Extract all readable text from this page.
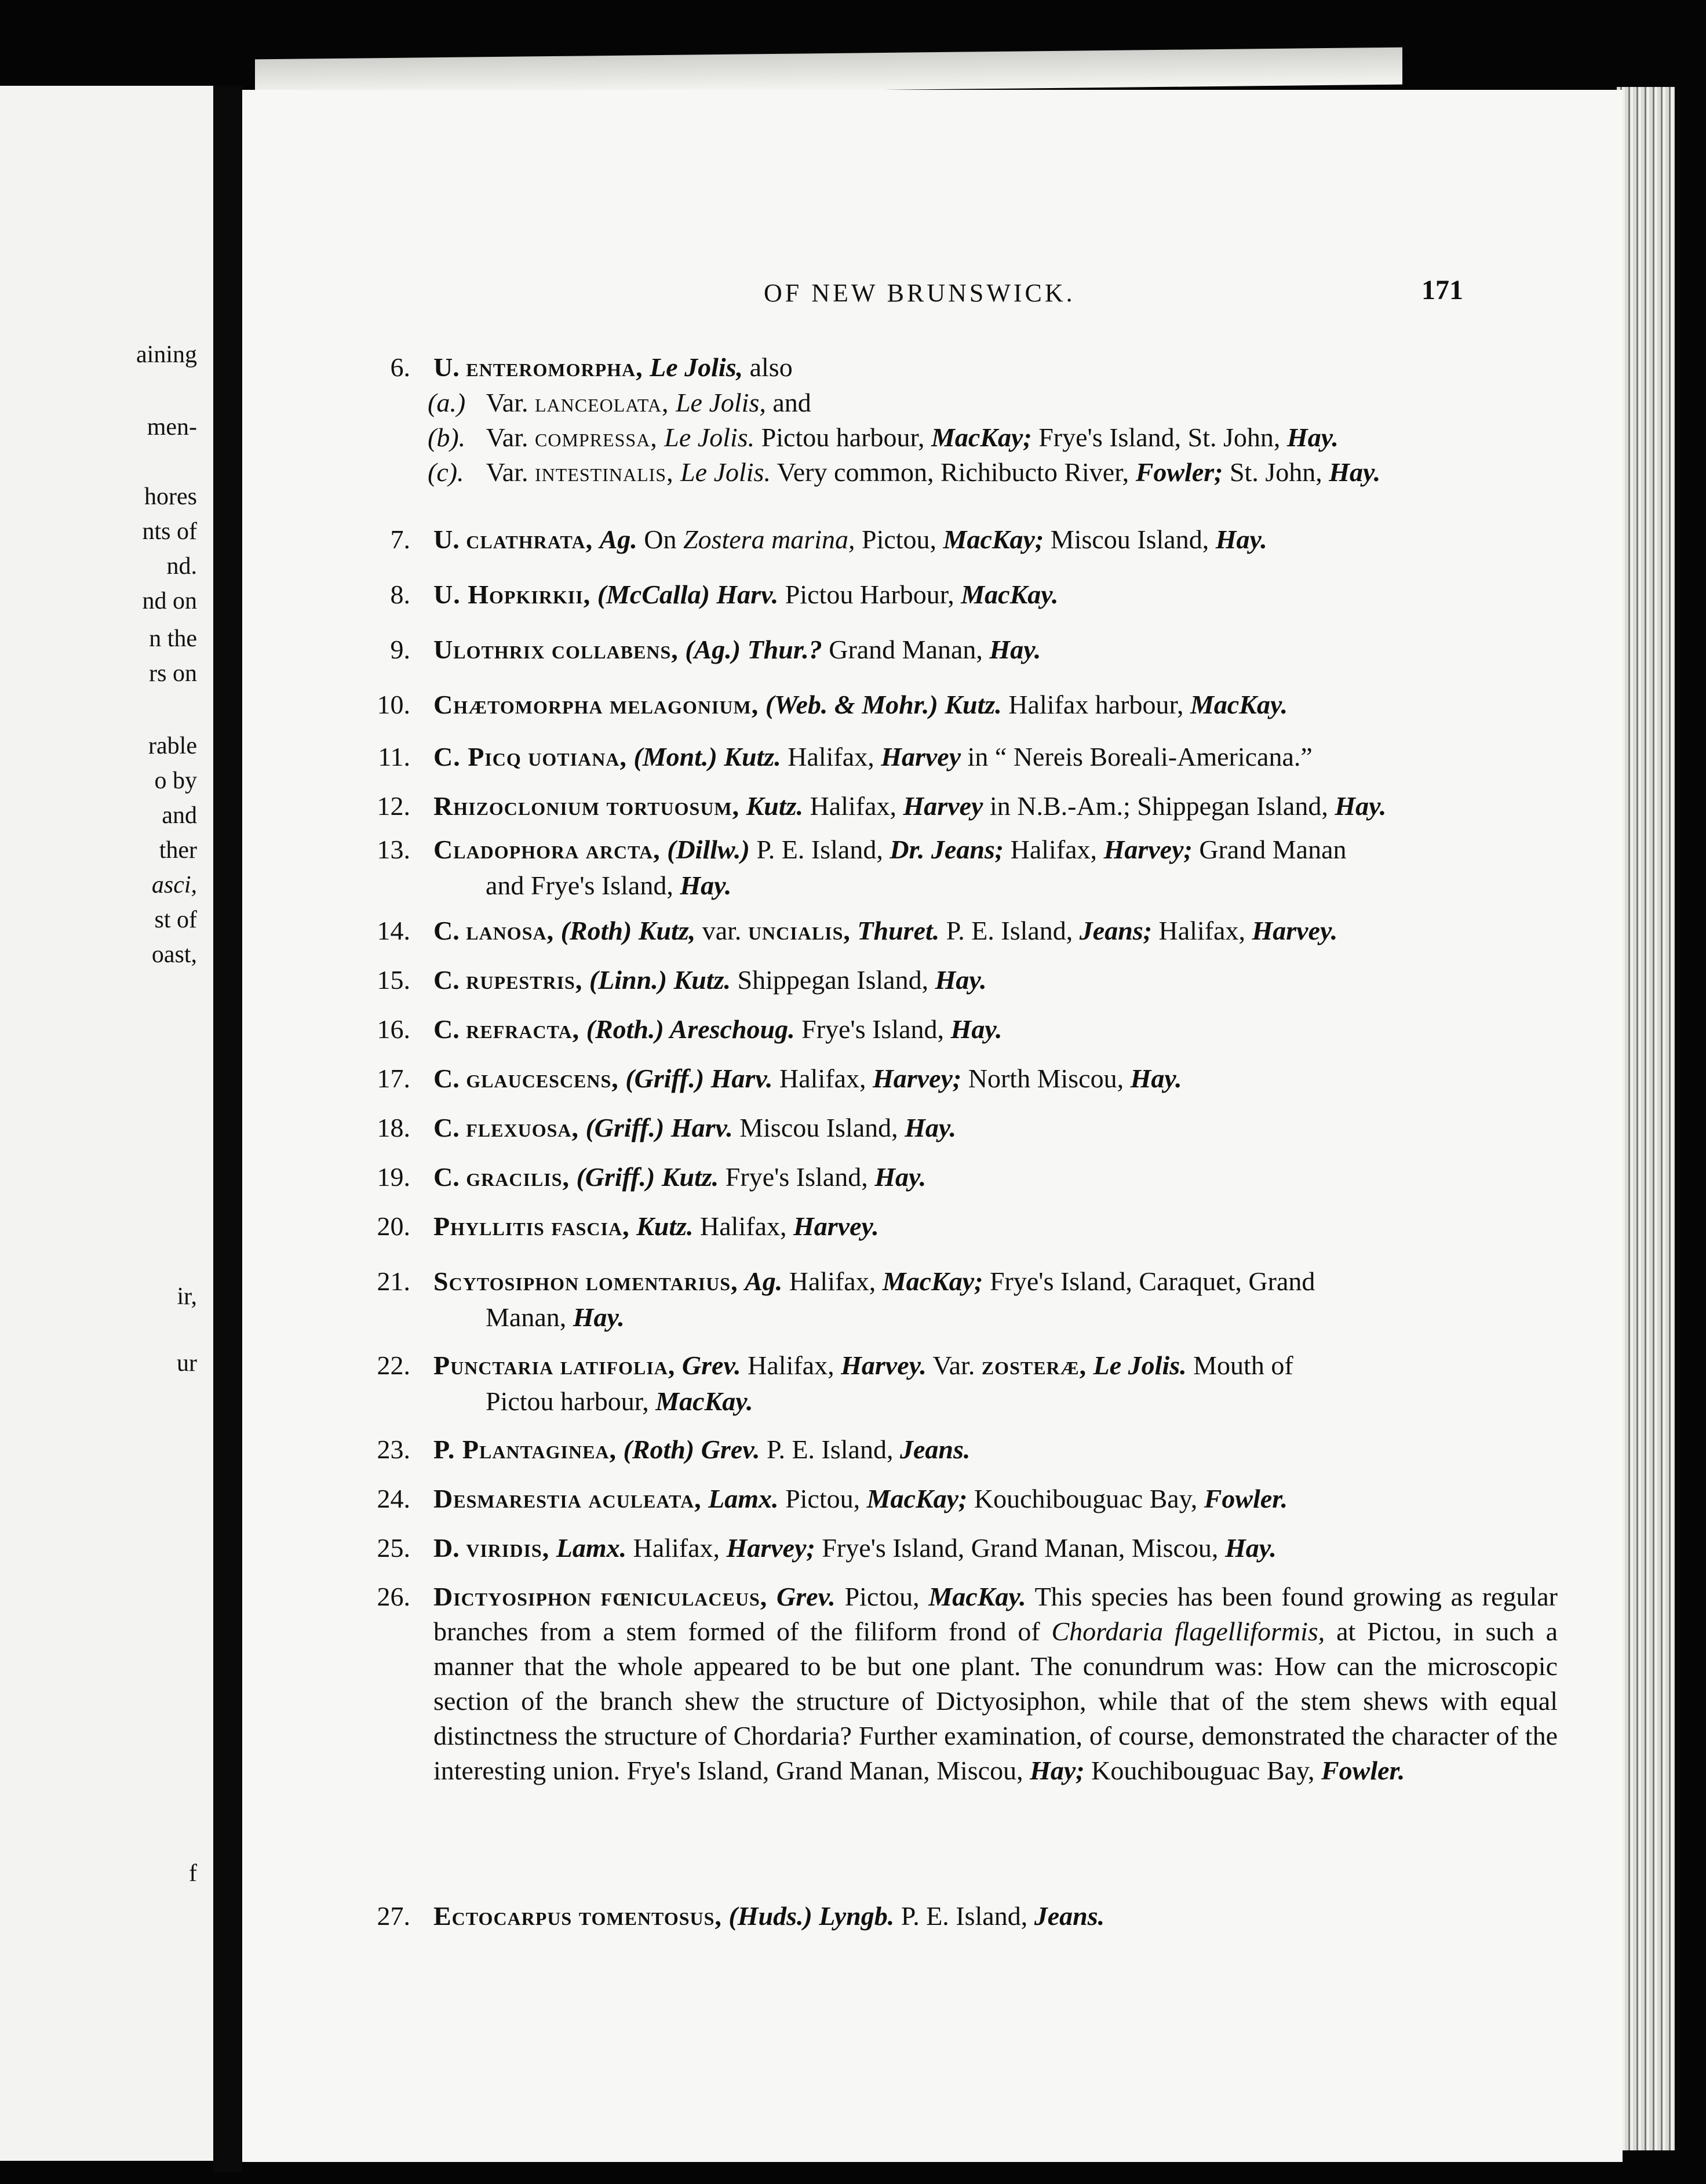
aining
men-
hores
nts of
nd.
nd on
n the
rs on
rable
o by
and
ther
asci,
st of
oast,
ir,
ur
f
OF NEW BRUNSWICK.	171
6. U. enteromorpha, Le Jolis, also
(a.) Var. lanceolata, Le Jolis, and
(b). Var. compressa, Le Jolis. Pictou harbour, MacKay; Frye's Island, St. John, Hay.
(c). Var. intestinalis, Le Jolis. Very common, Richibucto River, Fowler; St. John, Hay.
7. U. clathrata, Ag. On Zostera marina, Pictou, MacKay; Miscou Island, Hay.
8. U. Hopkirkii, (McCalla) Harv. Pictou Harbour, MacKay.
9. Ulothrix collabens, (Ag.) Thur.? Grand Manan, Hay.
10. Chætomorpha melagonium, (Web. & Mohr.) Kutz. Halifax harbour, MacKay.
11. C. Picq uotiana, (Mont.) Kutz. Halifax, Harvey in “ Nereis Boreali-Americana.”
12. Rhizoclonium tortuosum, Kutz. Halifax, Harvey in N.B.-Am.; Shippegan Island, Hay.
13. Cladophora arcta, (Dillw.) P. E. Island, Dr. Jeans; Halifax, Harvey; Grand Manan
and Frye's Island, Hay.
14. C. lanosa, (Roth) Kutz, var. uncialis, Thuret. P. E. Island, Jeans; Halifax, Harvey.
15. C. rupestris, (Linn.) Kutz. Shippegan Island, Hay.
16. C. refracta, (Roth.) Areschoug. Frye's Island, Hay.
17. C. glaucescens, (Griff.) Harv. Halifax, Harvey; North Miscou, Hay.
18. C. flexuosa, (Griff.) Harv. Miscou Island, Hay.
19. C. gracilis, (Griff.) Kutz. Frye's Island, Hay.
20. Phyllitis fascia, Kutz. Halifax, Harvey.
21. Scytosiphon lomentarius, Ag. Halifax, MacKay; Frye's Island, Caraquet, Grand
Manan, Hay.
22. Punctaria latifolia, Grev. Halifax, Harvey. Var. zosteræ, Le Jolis. Mouth of
Pictou harbour, MacKay.
23. P. Plantaginea, (Roth) Grev. P. E. Island, Jeans.
24. Desmarestia aculeata, Lamx. Pictou, MacKay; Kouchibouguac Bay, Fowler.
25. D. viridis, Lamx. Halifax, Harvey; Frye's Island, Grand Manan, Miscou, Hay.
26. Dictyosiphon fœniculaceus, Grev. Pictou, MacKay. This species has been found growing as regular branches from a stem formed of the filiform frond of Chordaria flagelliformis, at Pictou, in such a manner that the whole appeared to be but one plant. The conundrum was: How can the microscopic section of the branch shew the structure of Dictyosiphon, while that of the stem shews with equal distinctness the structure of Chordaria? Further examination, of course, demonstrated the character of the interesting union. Frye's Island, Grand Manan, Miscou, Hay; Kouchibouguac Bay, Fowler.
27. Ectocarpus tomentosus, (Huds.) Lyngb. P. E. Island, Jeans.
